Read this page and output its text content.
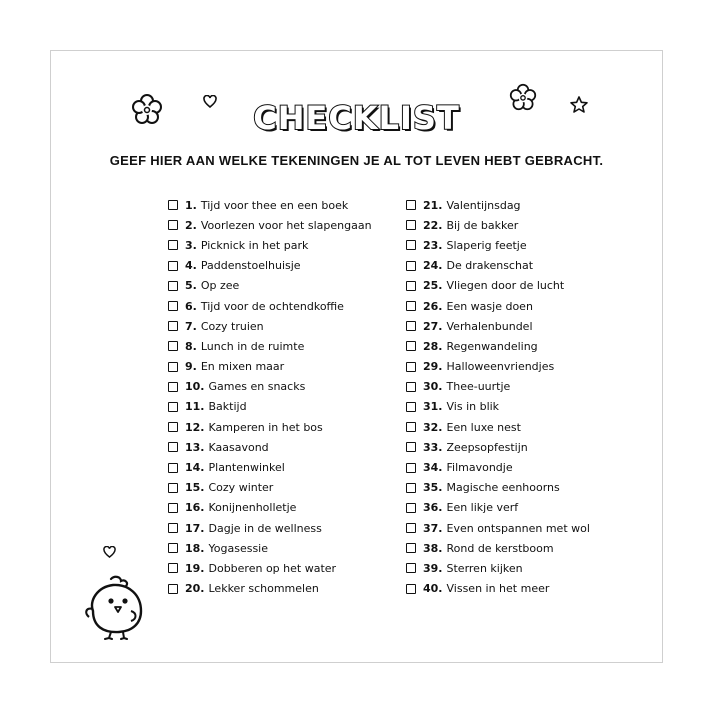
CHECKLIST
GEEF HIER AAN WELKE TEKENINGEN JE AL TOT LEVEN HEBT GEBRACHT.
1. Tijd voor thee en een boek
2. Voorlezen voor het slapengaan
3. Picknick in het park
4. Paddenstoelhuisje
5. Op zee
6. Tijd voor de ochtendkoffie
7. Cozy truien
8. Lunch in de ruimte
9. En mixen maar
10. Games en snacks
11. Baktijd
12. Kamperen in het bos
13. Kaasavond
14. Plantenwinkel
15. Cozy winter
16. Konijnenholletje
17. Dagje in de wellness
18. Yogasessie
19. Dobberen op het water
20. Lekker schommelen
21. Valentijnsdag
22. Bij de bakker
23. Slaperig feetje
24. De drakenschat
25. Vliegen door de lucht
26. Een wasje doen
27. Verhalenbundel
28. Regenwandeling
29. Halloweenvriendjes
30. Thee-uurtje
31. Vis in blik
32. Een luxe nest
33. Zeepsopfestijn
34. Filmavondje
35. Magische eenhoorns
36. Een likje verf
37. Even ontspannen met wol
38. Rond de kerstboom
39. Sterren kijken
40. Vissen in het meer
